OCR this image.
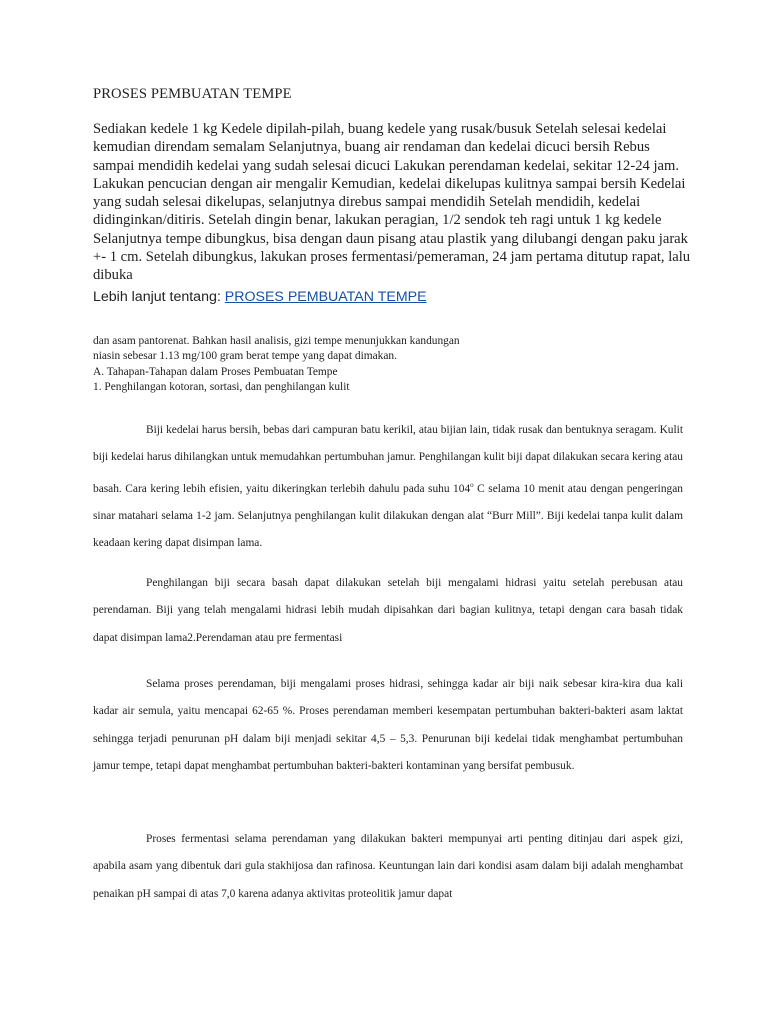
PROSES PEMBUATAN TEMPE
Sediakan kedele 1 kg Kedele dipilah-pilah, buang kedele yang rusak/busuk Setelah selesai kedelai kemudian direndam semalam Selanjutnya, buang air rendaman dan kedelai dicuci bersih Rebus sampai mendidih kedelai yang sudah selesai dicuci Lakukan perendaman kedelai, sekitar 12-24 jam. Lakukan pencucian dengan air mengalir Kemudian, kedelai dikelupas kulitnya sampai bersih Kedelai yang sudah selesai dikelupas, selanjutnya direbus sampai mendidih Setelah mendidih, kedelai didinginkan/ditiris. Setelah dingin benar, lakukan peragian, 1/2 sendok teh ragi untuk 1 kg kedele Selanjutnya tempe dibungkus, bisa dengan daun pisang atau plastik yang dilubangi dengan paku jarak +- 1 cm. Setelah dibungkus, lakukan proses fermentasi/pemeraman, 24 jam pertama ditutup rapat, lalu dibuka
Lebih lanjut tentang: PROSES PEMBUATAN TEMPE
dan asam pantorenat. Bahkan hasil analisis, gizi tempe menunjukkan kandungan
niasin sebesar 1.13 mg/100 gram berat tempe yang dapat dimakan.
A. Tahapan-Tahapan dalam Proses Pembuatan Tempe
1. Penghilangan kotoran, sortasi, dan penghilangan kulit

Biji kedelai harus bersih, bebas dari campuran batu kerikil, atau bijian lain, tidak rusak dan bentuknya seragam. Kulit biji kedelai harus dihilangkan untuk memudahkan pertumbuhan jamur. Penghilangan kulit biji dapat dilakukan secara kering atau basah. Cara kering lebih efisien, yaitu dikeringkan terlebih dahulu pada suhu 104$^o$ C selama 10 menit atau dengan pengeringan sinar matahari selama 1-2 jam. Selanjutnya penghilangan kulit dilakukan dengan alat “Burr Mill”. Biji kedelai tanpa kulit dalam keadaan kering dapat disimpan lama.

Penghilangan biji secara basah dapat dilakukan setelah biji mengalami hidrasi yaitu setelah perebusan atau perendaman. Biji yang telah mengalami hidrasi lebih mudah dipisahkan dari bagian kulitnya, tetapi dengan cara basah tidak dapat disimpan lama2.Perendaman atau pre fermentasi

Selama proses perendaman, biji mengalami proses hidrasi, sehingga kadar air biji naik sebesar kira-kira dua kali kadar air semula, yaitu mencapai 62-65 %. Proses perendaman memberi kesempatan pertumbuhan bakteri-bakteri asam laktat sehingga terjadi penurunan pH dalam biji menjadi sekitar 4,5 – 5,3. Penurunan biji kedelai tidak menghambat pertumbuhan jamur tempe, tetapi dapat menghambat pertumbuhan bakteri-bakteri kontaminan yang bersifat pembusuk.

Proses fermentasi selama perendaman yang dilakukan bakteri mempunyai arti penting ditinjau dari aspek gizi, apabila asam yang dibentuk dari gula stakhijosa dan rafinosa. Keuntungan lain dari kondisi asam dalam biji adalah menghambat penaikan pH sampai di atas 7,0 karena adanya aktivitas proteolitik jamur dapat
